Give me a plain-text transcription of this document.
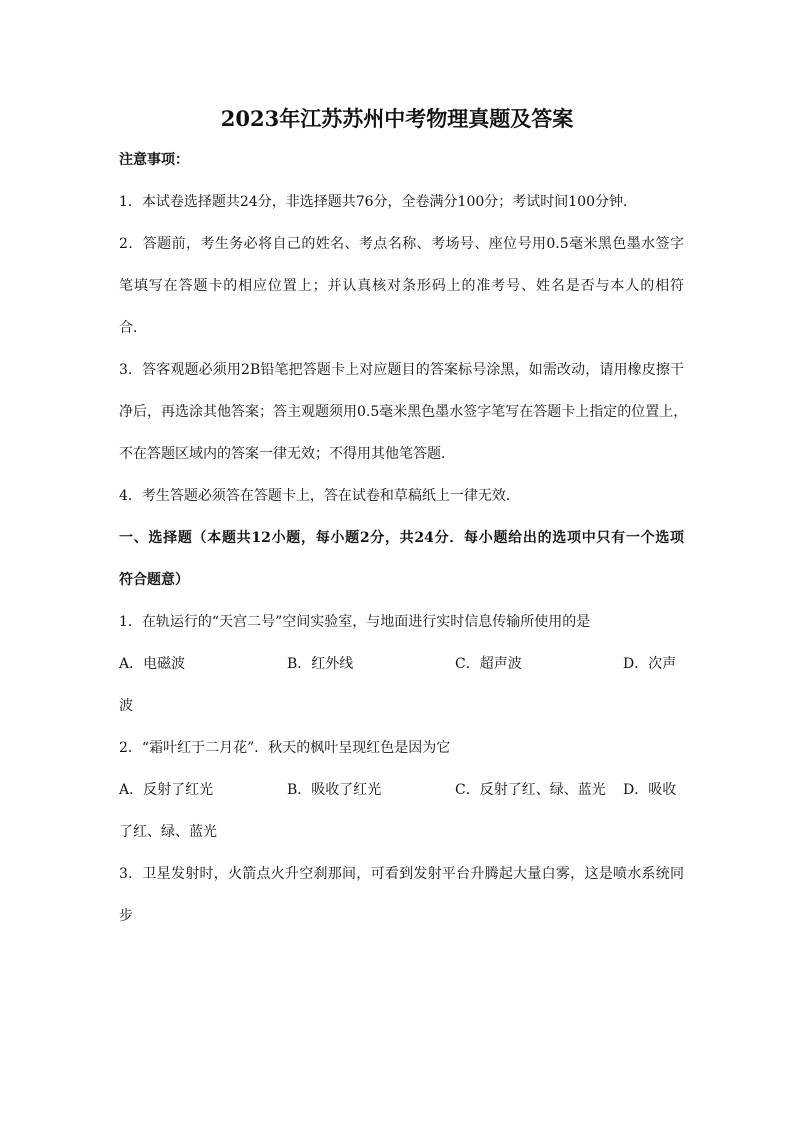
2023年江苏苏州中考物理真题及答案
注意事项：
1．本试卷选择题共24分，非选择题共76分，全卷满分100分；考试时间100分钟．
2．答题前，考生务必将自己的姓名、考点名称、考场号、座位号用0.5毫米黑色墨水签字
笔填写在答题卡的相应位置上；并认真核对条形码上的准考号、姓名是否与本人的相符
合．
3．答客观题必须用2B铅笔把答题卡上对应题目的答案标号涂黑，如需改动，请用橡皮擦干
净后，再选涂其他答案；答主观题须用0.5毫米黑色墨水签字笔写在答题卡上指定的位置上，
不在答题区域内的答案一律无效；不得用其他笔答题．
4．考生答题必须答在答题卡上，答在试卷和草稿纸上一律无效．
一、选择题（本题共12小题，每小题2分，共24分．每小题给出的选项中只有一个选项
符合题意）
1．在轨运行的“天宫二号”空间实验室，与地面进行实时信息传输所使用的是
A．电磁波	B．红外线	C．超声波	D．次声
波
2．“霜叶红于二月花”．秋天的枫叶呈现红色是因为它
A．反射了红光	B．吸收了红光	C．反射了红、绿、蓝光 D．吸收
了红、绿、蓝光
3．卫星发射时，火箭点火升空刹那间，可看到发射平台升腾起大量白雾，这是喷水系统同
步
